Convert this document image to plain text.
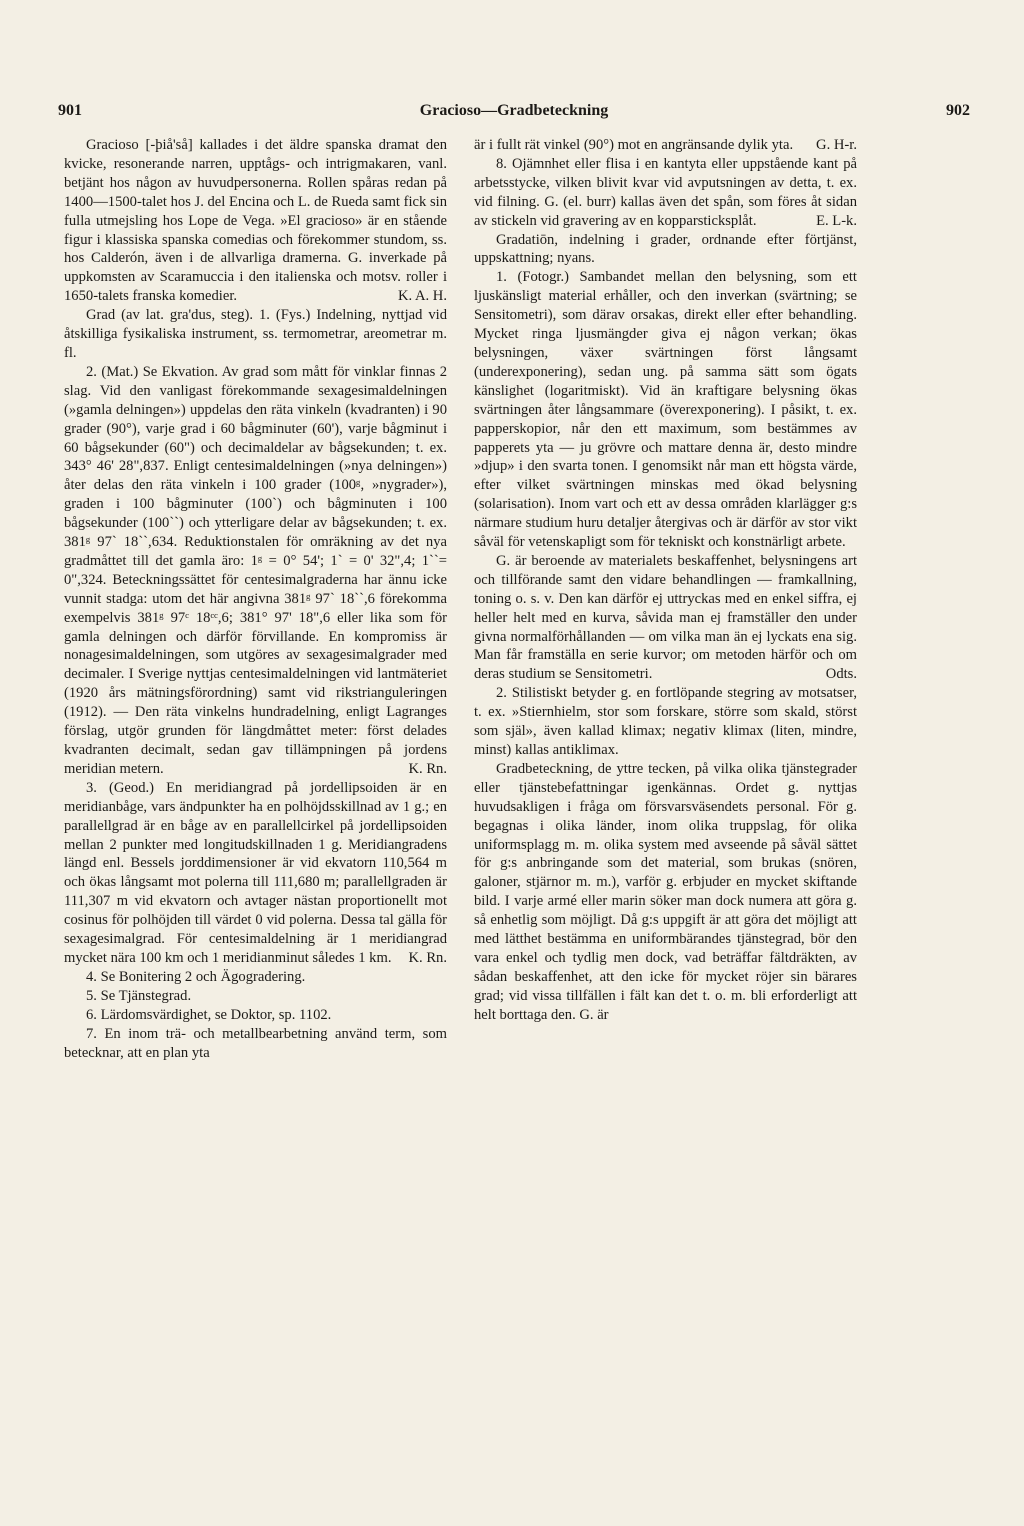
901	Gracioso—Gradbeteckning	902

Gracioso [-þiå'så] kallades i det äldre spanska dramat den kvicke, resonerande narren, upptågs- och intrigmakaren, vanl. betjänt hos någon av huvudpersonerna. Rollen spåras redan på 1400—1500-talet hos J. del Encina och L. de Rueda samt fick sin fulla utmejsling hos Lope de Vega. »El gracioso» är en stående figur i klassiska spanska comedias och förekommer stundom, ss. hos Calderón, även i de allvarliga dramerna. G. inverkade på uppkomsten av Scaramuccia i den italienska och motsv. roller i 1650-talets franska komedier.	K. A. H.

Grad (av lat. gra'dus, steg). 1. (Fys.) Indelning, nyttjad vid åtskilliga fysikaliska instrument, ss. termometrar, areometrar m. fl.

2. (Mat.) Se Ekvation. Av grad som mått för vinklar finnas 2 slag. Vid den vanligast förekommande sexagesimaldelningen (»gamla delningen») uppdelas den räta vinkeln (kvadranten) i 90 grader (90°), varje grad i 60 bågminuter (60'), varje bågminut i 60 bågsekunder (60") och decimaldelar av bågsekunden; t. ex. 343° 46' 28",837. Enligt centesimaldelningen (»nya delningen») åter delas den räta vinkeln i 100 grader (100ᵍ, »nygrader»), graden i 100 bågminuter (100`) och bågminuten i 100 bågsekunder (100``) och ytterligare delar av bågsekunden; t. ex. 381ᵍ 97` 18``,634. Reduktionstalen för omräkning av det nya gradmåttet till det gamla äro: 1ᵍ = 0° 54'; 1` = 0' 32",4; 1``= 0",324. Beteckningssättet för centesimalgraderna har ännu icke vunnit stadga: utom det här angivna 381ᵍ 97` 18``,6 förekomma exempelvis 381ᵍ 97ᶜ 18ᶜᶜ,6; 381° 97' 18",6 eller lika som för gamla delningen och därför förvillande. En kompromiss är nonagesimaldelningen, som utgöres av sexagesimalgrader med decimaler. I Sverige nyttjas centesimaldelningen vid lantmäteriet (1920 års mätningsförordning) samt vid rikstrianguleringen (1912). — Den räta vinkelns hundradelning, enligt Lagranges förslag, utgör grunden för längdmåttet meter: först delades kvadranten decimalt, sedan gav tillämpningen på jordens meridian metern.	K. Rn.

3. (Geod.) En meridiangrad på jordellipsoiden är en meridianbåge, vars ändpunkter ha en polhöjdsskillnad av 1 g.; en parallellgrad är en båge av en parallellcirkel på jordellipsoiden mellan 2 punkter med longitudskillnaden 1 g. Meridiangradens längd enl. Bessels jorddimensioner är vid ekvatorn 110,564 m och ökas långsamt mot polerna till 111,680 m; parallellgraden är 111,307 m vid ekvatorn och avtager nästan proportionellt mot cosinus för polhöjden till värdet 0 vid polerna. Dessa tal gälla för sexagesimalgrad. För centesimaldelning är 1 meridiangrad mycket nära 100 km och 1 meridianminut således 1 km. K. Rn.

4. Se Bonitering 2 och Ägogradering.

5. Se Tjänstegrad.

6. Lärdomsvärdighet, se Doktor, sp. 1102.

7. En inom trä- och metallbearbetning använd term, som betecknar, att en plan yta

är i fullt rät vinkel (90°) mot en angränsande dylik yta. G. H-r.

8. Ojämnhet eller flisa i en kantyta eller uppstående kant på arbetsstycke, vilken blivit kvar vid avputsningen av detta, t. ex. vid filning. G. (el. burr) kallas även det spån, som föres åt sidan av stickeln vid gravering av en kopparsticksplåt.	E. L-k.

Gradatiōn, indelning i grader, ordnande efter förtjänst, uppskattning; nyans.

1. (Fotogr.) Sambandet mellan den belysning, som ett ljuskänsligt material erhåller, och den inverkan (svärtning; se Sensitometri), som därav orsakas, direkt eller efter behandling. Mycket ringa ljusmängder giva ej någon verkan; ökas belysningen, växer svärtningen först långsamt (underexponering), sedan ung. på samma sätt som ögats känslighet (logaritmiskt). Vid än kraftigare belysning ökas svärtningen åter långsammare (överexponering). I påsikt, t. ex. papperskopior, når den ett maximum, som bestämmes av papperets yta — ju grövre och mattare denna är, desto mindre »djup» i den svarta tonen. I genomsikt når man ett högsta värde, efter vilket svärtningen minskas med ökad belysning (solarisation). Inom vart och ett av dessa områden klarlägger g:s närmare studium huru detaljer återgivas och är därför av stor vikt såväl för vetenskapligt som för tekniskt och konstnärligt arbete.

G. är beroende av materialets beskaffenhet, belysningens art och tillförande samt den vidare behandlingen — framkallning, toning o. s. v. Den kan därför ej uttryckas med en enkel siffra, ej heller helt med en kurva, såvida man ej framställer den under givna normalförhållanden — om vilka man än ej lyckats ena sig. Man får framställa en serie kurvor; om metoden härför och om deras studium se Sensitometri.	Odts.

2. Stilistiskt betyder g. en fortlöpande stegring av motsatser, t. ex. »Stiernhielm, stor som forskare, större som skald, störst som själ», även kallad klimax; negativ klimax (liten, mindre, minst) kallas antiklimax.

Gradbeteckning, de yttre tecken, på vilka olika tjänstegrader eller tjänstebefattningar igenkännas. Ordet g. nyttjas huvudsakligen i fråga om försvarsväsendets personal. För g. begagnas i olika länder, inom olika truppslag, för olika uniformsplagg m. m. olika system med avseende på såväl sättet för g:s anbringande som det material, som brukas (snören, galoner, stjärnor m. m.), varför g. erbjuder en mycket skiftande bild. I varje armé eller marin söker man dock numera att göra g. så enhetlig som möjligt. Då g:s uppgift är att göra det möjligt att med lätthet bestämma en uniformbärandes tjänstegrad, bör den vara enkel och tydlig men dock, vad beträffar fältdräkten, av sådan beskaffenhet, att den icke för mycket röjer sin bärares grad; vid vissa tillfällen i fält kan det t. o. m. bli erforderligt att helt borttaga den. G. är
